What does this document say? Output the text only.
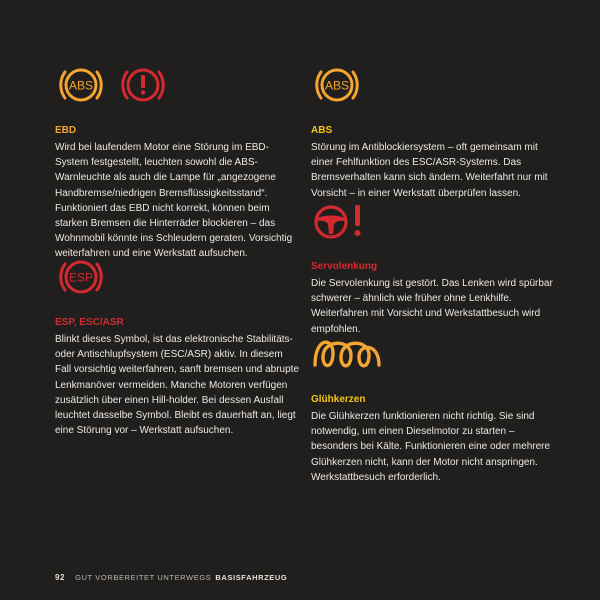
ABS
EBD

Wird bei laufendem Motor eine Störung im EBD-System festgestellt, leuchten sowohl die ABS-Warnleuchte als auch die Lampe für „angezogene Handbremse/niedrigen Bremsflüssigkeitsstand“. Funktioniert das EBD nicht korrekt, können beim starken Bremsen die Hinterräder blockieren – das Wohnmobil könnte ins Schleudern geraten. Vorsichtig weiterfahren und eine Werkstatt aufsuchen.

ESP
ESP, ESC/ASR

Blinkt dieses Symbol, ist das elektronische Stabilitäts- oder Antischlupfsystem (ESC/ASR) aktiv. In diesem Fall vorsichtig weiterfahren, sanft bremsen und abrupte Lenkmanöver vermeiden. Manche Motoren verfügen zusätzlich über einen Hill-holder. Bei dessen Ausfall leuchtet dasselbe Symbol. Bleibt es dauerhaft an, liegt eine Störung vor – Werkstatt aufsuchen.

ABS
ABS

Störung im Antiblockiersystem – oft gemeinsam mit einer Fehlfunktion des ESC/ASR-Systems. Das Bremsverhalten kann sich ändern. Weiterfahrt nur mit Vorsicht – in einer Werkstatt überprüfen lassen.

Servolenkung

Die Servolenkung ist gestört. Das Lenken wird spürbar schwerer – ähnlich wie früher ohne Lenkhilfe. Weiterfahren mit Vorsicht und Werkstattbesuch wird empfohlen.

Glühkerzen

Die Glühkerzen funktionieren nicht richtig. Sie sind notwendig, um einen Dieselmotor zu starten – besonders bei Kälte. Funktionieren eine oder mehrere Glühkerzen nicht, kann der Motor nicht anspringen. Werkstattbesuch erforderlich.

92 GUT VORBEREITET UNTERWEGS BASISFAHRZEUG
